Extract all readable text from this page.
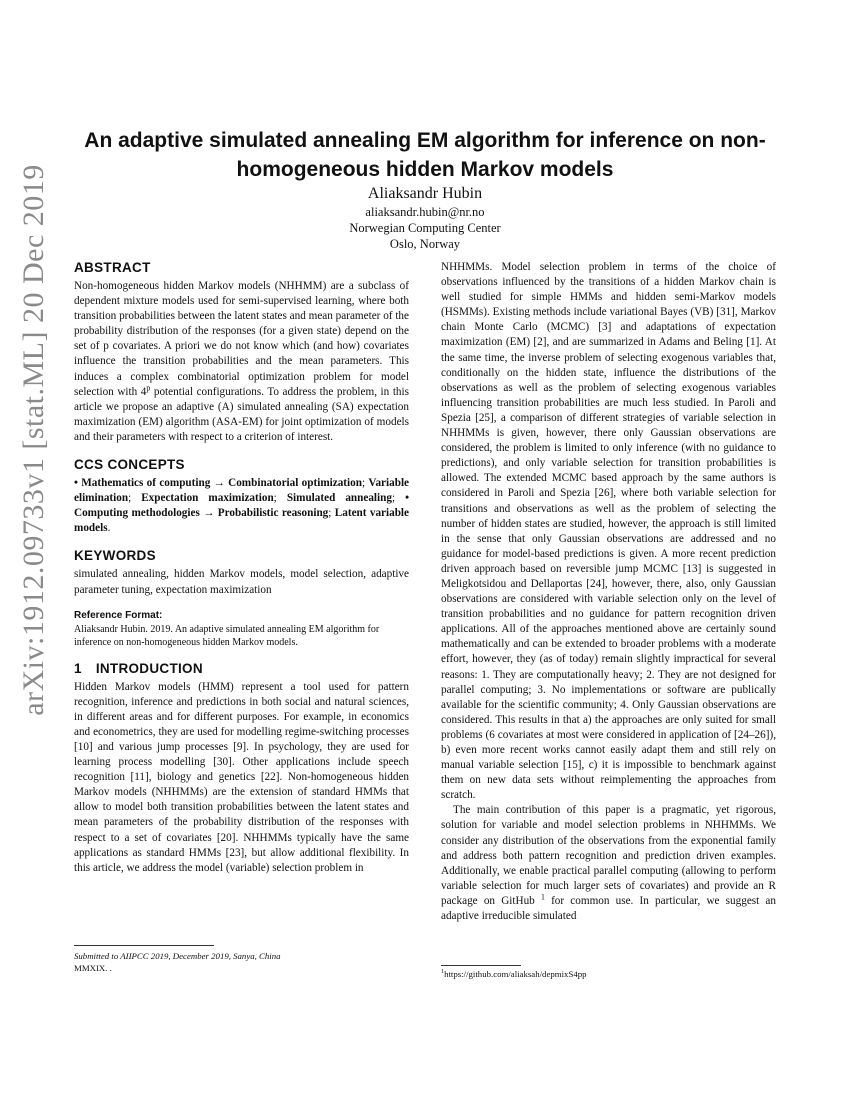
arXiv:1912.09733v1 [stat.ML] 20 Dec 2019
An adaptive simulated annealing EM algorithm for inference on non-homogeneous hidden Markov models
Aliaksandr Hubin
aliaksandr.hubin@nr.no
Norwegian Computing Center
Oslo, Norway
ABSTRACT

Non-homogeneous hidden Markov models (NHHMM) are a subclass of dependent mixture models used for semi-supervised learning, where both transition probabilities between the latent states and mean parameter of the probability distribution of the responses (for a given state) depend on the set of p covariates. A priori we do not know which (and how) covariates influence the transition probabilities and the mean parameters. This induces a complex combinatorial optimization problem for model selection with 4$^p$ potential configurations. To address the problem, in this article we propose an adaptive (A) simulated annealing (SA) expectation maximization (EM) algorithm (ASA-EM) for joint optimization of models and their parameters with respect to a criterion of interest.

CCS CONCEPTS

• Mathematics of computing → Combinatorial optimization; Variable elimination; Expectation maximization; Simulated annealing; • Computing methodologies → Probabilistic reasoning; Latent variable models.

KEYWORDS

simulated annealing, hidden Markov models, model selection, adaptive parameter tuning, expectation maximization

Reference Format:

Aliaksandr Hubin. 2019. An adaptive simulated annealing EM algorithm for inference on non-homogeneous hidden Markov models.

1 INTRODUCTION

Hidden Markov models (HMM) represent a tool used for pattern recognition, inference and predictions in both social and natural sciences, in different areas and for different purposes. For example, in economics and econometrics, they are used for modelling regime-switching processes [10] and various jump processes [9]. In psychology, they are used for learning process modelling [30]. Other applications include speech recognition [11], biology and genetics [22]. Non-homogeneous hidden Markov models (NHHMMs) are the extension of standard HMMs that allow to model both transition probabilities between the latent states and mean parameters of the probability distribution of the responses with respect to a set of covariates [20]. NHHMMs typically have the same applications as standard HMMs [23], but allow additional flexibility. In this article, we address the model (variable) selection problem in

NHHMMs. Model selection problem in terms of the choice of observations influenced by the transitions of a hidden Markov chain is well studied for simple HMMs and hidden semi-Markov models (HSMMs). Existing methods include variational Bayes (VB) [31], Markov chain Monte Carlo (MCMC) [3] and adaptations of expectation maximization (EM) [2], and are summarized in Adams and Beling [1]. At the same time, the inverse problem of selecting exogenous variables that, conditionally on the hidden state, influence the distributions of the observations as well as the problem of selecting exogenous variables influencing transition probabilities are much less studied. In Paroli and Spezia [25], a comparison of different strategies of variable selection in NHHMMs is given, however, there only Gaussian observations are considered, the problem is limited to only inference (with no guidance to predictions), and only variable selection for transition probabilities is allowed. The extended MCMC based approach by the same authors is considered in Paroli and Spezia [26], where both variable selection for transitions and observations as well as the problem of selecting the number of hidden states are studied, however, the approach is still limited in the sense that only Gaussian observations are addressed and no guidance for model-based predictions is given. A more recent prediction driven approach based on reversible jump MCMC [13] is suggested in Meligkotsidou and Dellaportas [24], however, there, also, only Gaussian observations are considered with variable selection only on the level of transition probabilities and no guidance for pattern recognition driven applications. All of the approaches mentioned above are certainly sound mathematically and can be extended to broader problems with a moderate effort, however, they (as of today) remain slightly impractical for several reasons: 1. They are computationally heavy; 2. They are not designed for parallel computing; 3. No implementations or software are publically available for the scientific community; 4. Only Gaussian observations are considered. This results in that a) the approaches are only suited for small problems (6 covariates at most were considered in application of [24–26]), b) even more recent works cannot easily adapt them and still rely on manual variable selection [15], c) it is impossible to benchmark against them on new data sets without reimplementing the approaches from scratch.

The main contribution of this paper is a pragmatic, yet rigorous, solution for variable and model selection problems in NHHMMs. We consider any distribution of the observations from the exponential family and address both pattern recognition and prediction driven examples. Additionally, we enable practical parallel computing (allowing to perform variable selection for much larger sets of covariates) and provide an R package on GitHub $^1$ for common use. In particular, we suggest an adaptive irreducible simulated

Submitted to AIIPCC 2019, December 2019, Sanya, China
MMXIX. .	$^1$https://github.com/aliaksah/depmixS4pp
